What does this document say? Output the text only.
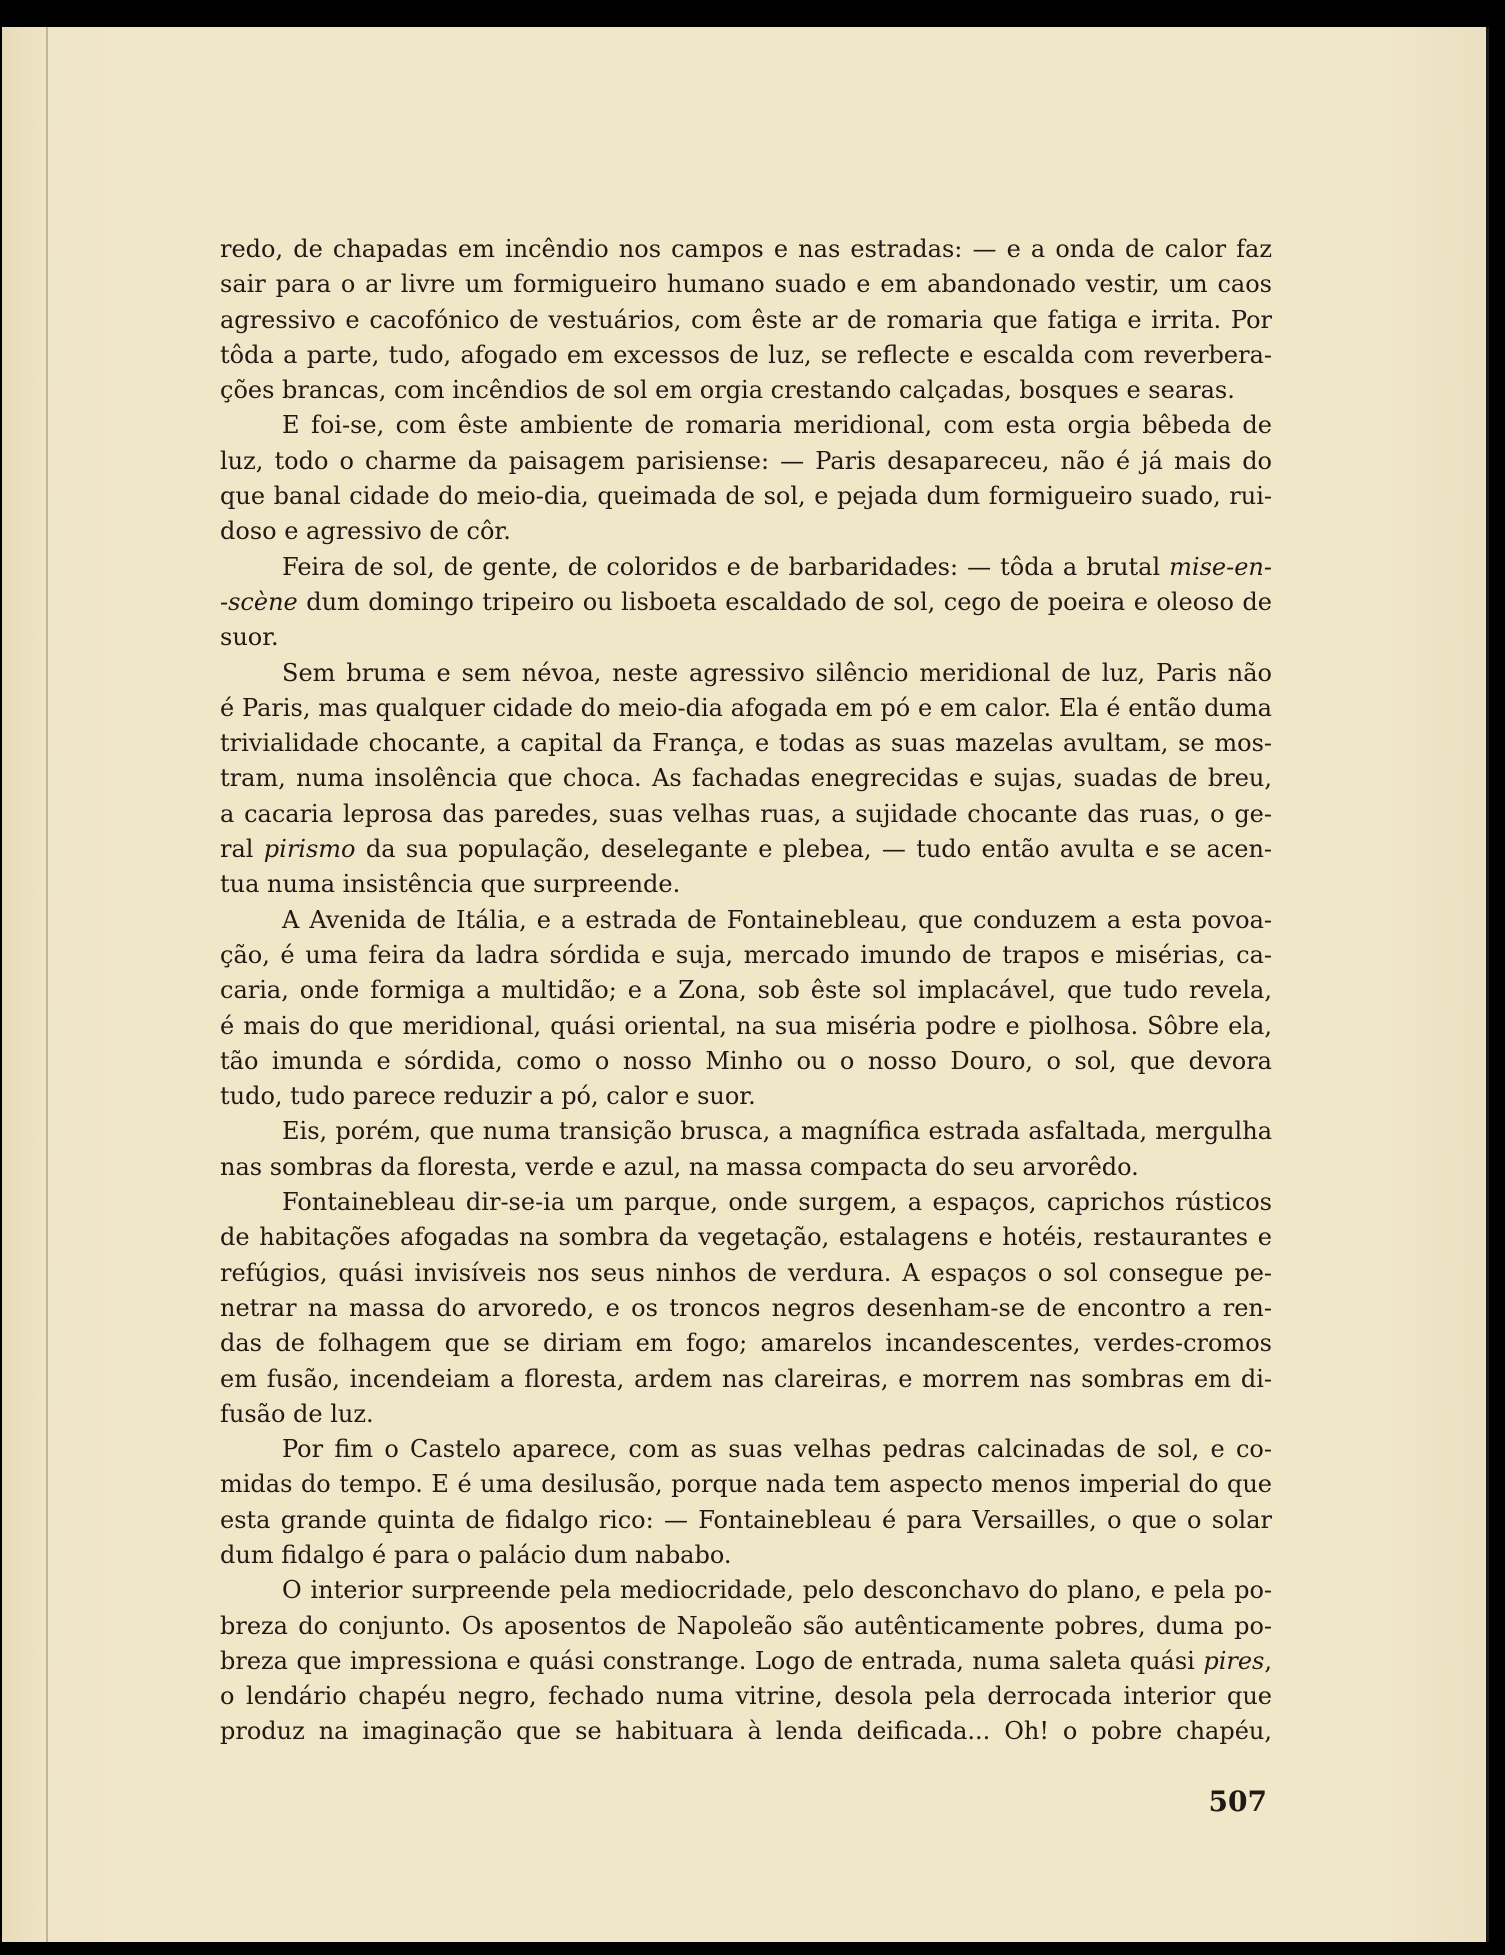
redo, de chapadas em incêndio nos campos e nas estradas: — e a onda de calor faz
sair para o ar livre um formigueiro humano suado e em abandonado vestir, um caos
agressivo e cacofónico de vestuários, com êste ar de romaria que fatiga e irrita. Por
tôda a parte, tudo, afogado em excessos de luz, se reflecte e escalda com reverbera-
ções brancas, com incêndios de sol em orgia crestando calçadas, bosques e searas.
E foi-se, com êste ambiente de romaria meridional, com esta orgia bêbeda de
luz, todo o charme da paisagem parisiense: — Paris desapareceu, não é já mais do
que banal cidade do meio-dia, queimada de sol, e pejada dum formigueiro suado, rui-
doso e agressivo de côr.
Feira de sol, de gente, de coloridos e de barbaridades: — tôda a brutal mise-en-
-scène dum domingo tripeiro ou lisboeta escaldado de sol, cego de poeira e oleoso de
suor.
Sem bruma e sem névoa, neste agressivo silêncio meridional de luz, Paris não
é Paris, mas qualquer cidade do meio-dia afogada em pó e em calor. Ela é então duma
trivialidade chocante, a capital da França, e todas as suas mazelas avultam, se mos-
tram, numa insolência que choca. As fachadas enegrecidas e sujas, suadas de breu,
a cacaria leprosa das paredes, suas velhas ruas, a sujidade chocante das ruas, o ge-
ral pirismo da sua população, deselegante e plebea, — tudo então avulta e se acen-
tua numa insistência que surpreende.
A Avenida de Itália, e a estrada de Fontainebleau, que conduzem a esta povoa-
ção, é uma feira da ladra sórdida e suja, mercado imundo de trapos e misérias, ca-
caria, onde formiga a multidão; e a Zona, sob êste sol implacável, que tudo revela,
é mais do que meridional, quási oriental, na sua miséria podre e piolhosa. Sôbre ela,
tão imunda e sórdida, como o nosso Minho ou o nosso Douro, o sol, que devora
tudo, tudo parece reduzir a pó, calor e suor.
Eis, porém, que numa transição brusca, a magnífica estrada asfaltada, mergulha
nas sombras da floresta, verde e azul, na massa compacta do seu arvorêdo.
Fontainebleau dir-se-ia um parque, onde surgem, a espaços, caprichos rústicos
de habitações afogadas na sombra da vegetação, estalagens e hotéis, restaurantes e
refúgios, quási invisíveis nos seus ninhos de verdura. A espaços o sol consegue pe-
netrar na massa do arvoredo, e os troncos negros desenham-se de encontro a ren-
das de folhagem que se diriam em fogo; amarelos incandescentes, verdes-cromos
em fusão, incendeiam a floresta, ardem nas clareiras, e morrem nas sombras em di-
fusão de luz.
Por fim o Castelo aparece, com as suas velhas pedras calcinadas de sol, e co-
midas do tempo. E é uma desilusão, porque nada tem aspecto menos imperial do que
esta grande quinta de fidalgo rico: — Fontainebleau é para Versailles, o que o solar
dum fidalgo é para o palácio dum nababo.
O interior surpreende pela mediocridade, pelo desconchavo do plano, e pela po-
breza do conjunto. Os aposentos de Napoleão são autênticamente pobres, duma po-
breza que impressiona e quási constrange. Logo de entrada, numa saleta quási pires,
o lendário chapéu negro, fechado numa vitrine, desola pela derrocada interior que
produz na imaginação que se habituara à lenda deificada... Oh! o pobre chapéu,
507
